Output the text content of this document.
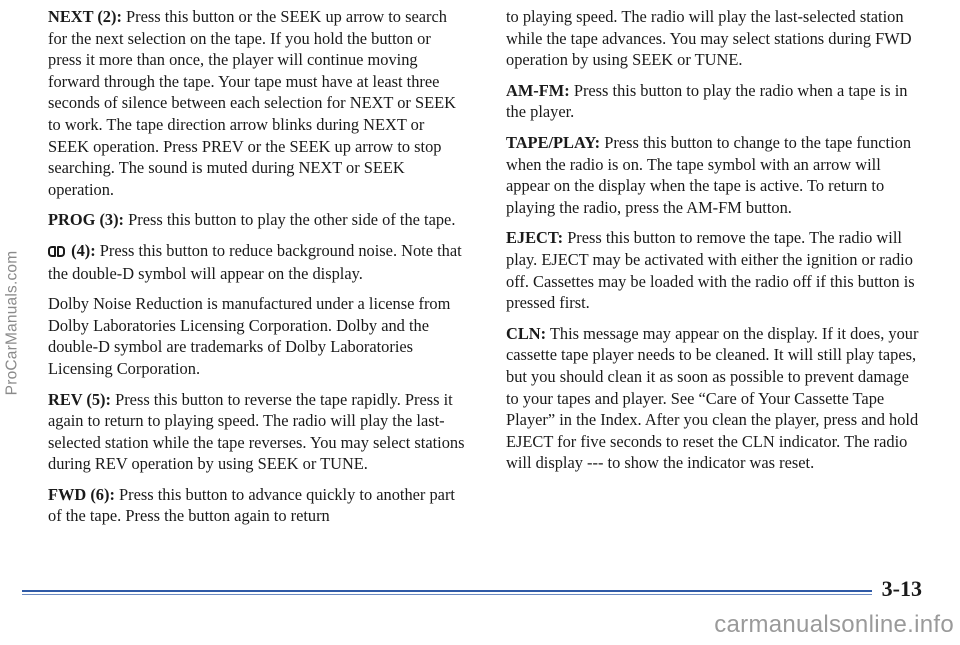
ProCarManuals.com

NEXT (2): Press this button or the SEEK up arrow to search for the next selection on the tape. If you hold the button or press it more than once, the player will continue moving forward through the tape. Your tape must have at least three seconds of silence between each selection for NEXT or SEEK to work. The tape direction arrow blinks during NEXT or SEEK operation. Press PREV or the SEEK up arrow to stop searching. The sound is muted during NEXT or SEEK operation.

PROG (3): Press this button to play the other side of the tape.

(4): Press this button to reduce background noise. Note that the double-D symbol will appear on the display.

Dolby Noise Reduction is manufactured under a license from Dolby Laboratories Licensing Corporation. Dolby and the double-D symbol are trademarks of Dolby Laboratories Licensing Corporation.

REV (5): Press this button to reverse the tape rapidly. Press it again to return to playing speed. The radio will play the last-selected station while the tape reverses. You may select stations during REV operation by using SEEK or TUNE.

FWD (6): Press this button to advance quickly to another part of the tape. Press the button again to return

to playing speed. The radio will play the last-selected station while the tape advances. You may select stations during FWD operation by using SEEK or TUNE.

AM-FM: Press this button to play the radio when a tape is in the player.

TAPE/PLAY: Press this button to change to the tape function when the radio is on. The tape symbol with an arrow will appear on the display when the tape is active. To return to playing the radio, press the AM-FM button.

EJECT: Press this button to remove the tape. The radio will play. EJECT may be activated with either the ignition or radio off. Cassettes may be loaded with the radio off if this button is pressed first.

CLN: This message may appear on the display. If it does, your cassette tape player needs to be cleaned. It will still play tapes, but you should clean it as soon as possible to prevent damage to your tapes and player. See “Care of Your Cassette Tape Player” in the Index. After you clean the player, press and hold EJECT for five seconds to reset the CLN indicator. The radio will display --- to show the indicator was reset.

3-13
carmanualsonline.info
